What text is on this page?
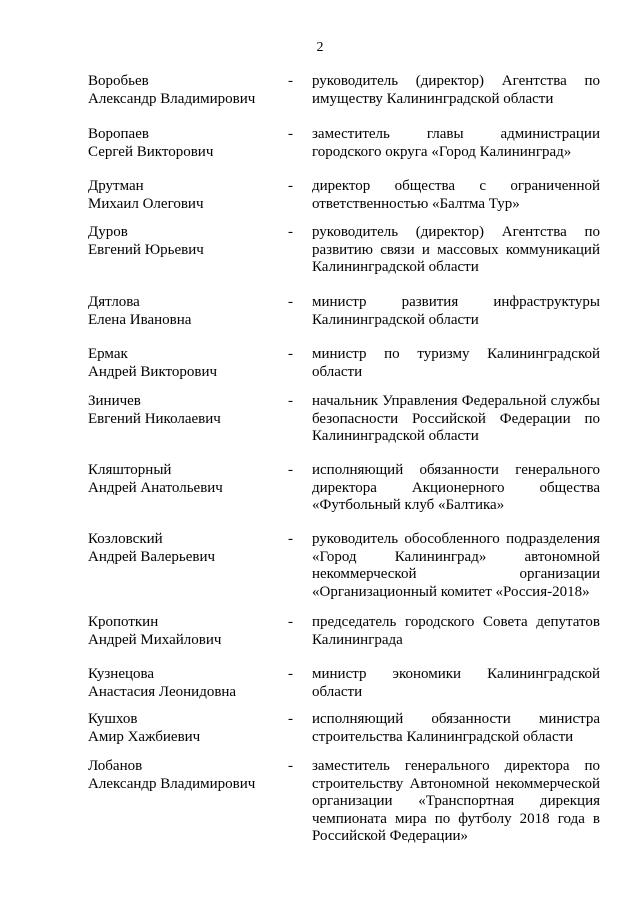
2
Воробьев
Александр Владимирович
- руководитель (директор) Агентства по имуществу Калининградской области
Воропаев
Сергей Викторович
- заместитель главы администрации городского округа «Город Калининград»
Друтман
Михаил Олегович
- директор общества с ограниченной ответственностью «Балтма Тур»
Дуров
Евгений Юрьевич
- руководитель (директор) Агентства по развитию связи и массовых коммуникаций Калининградской области
Дятлова
Елена Ивановна
- министр развития инфраструктуры Калининградской области
Ермак
Андрей Викторович
- министр по туризму Калининградской области
Зиничев
Евгений Николаевич
- начальник Управления Федеральной службы безопасности Российской Федерации по Калининградской области
Кляшторный
Андрей Анатольевич
- исполняющий обязанности генерального директора Акционерного общества «Футбольный клуб «Балтика»
Козловский
Андрей Валерьевич
- руководитель обособленного подразделения «Город Калининград» автономной некоммерческой организации «Организационный комитет «Россия-2018»
Кропоткин
Андрей Михайлович
- председатель городского Совета депутатов Калининграда
Кузнецова
Анастасия Леонидовна
- министр экономики Калининградской области
Кушхов
Амир Хажбиевич
- исполняющий обязанности министра строительства Калининградской области
Лобанов
Александр Владимирович
- заместитель генерального директора по строительству Автономной некоммерческой организации «Транспортная дирекция чемпионата мира по футболу 2018 года в Российской Федерации»
